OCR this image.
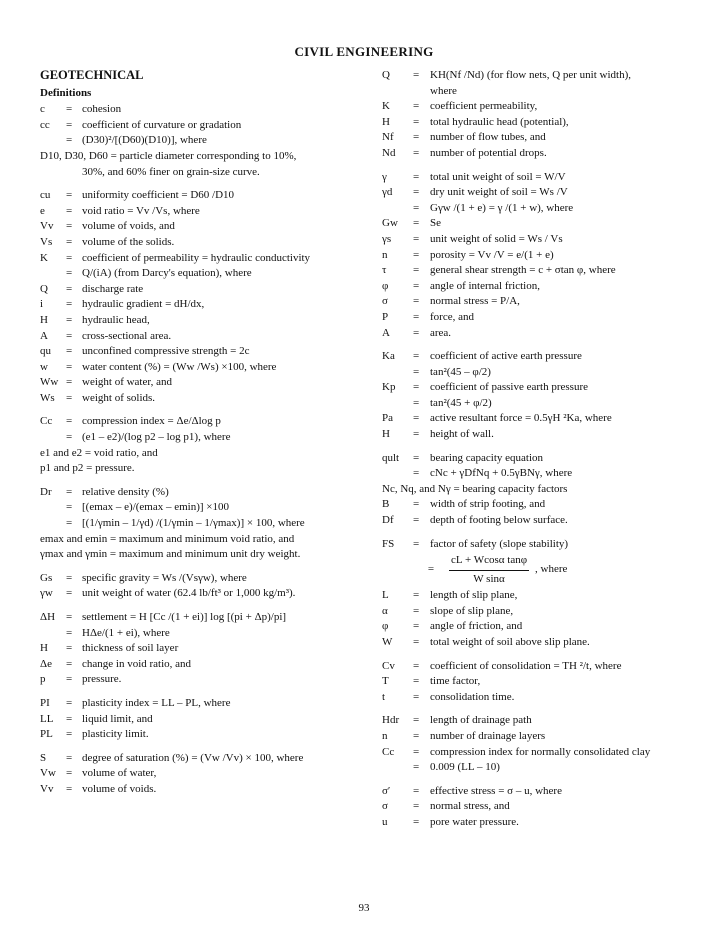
CIVIL ENGINEERING
GEOTECHNICAL
Definitions
c	= cohesion
cc	= coefficient of curvature or gradation
= (D30)²/[(D60)(D10)], where
D10, D30, D60 = particle diameter corresponding to 10%,
30%, and 60% finer on grain-size curve.
cu	= uniformity coefficient = D60 /D10
e	= void ratio = Vv /Vs, where
Vv	= volume of voids, and
Vs	= volume of the solids.
K	= coefficient of permeability = hydraulic conductivity
= Q/(iA) (from Darcy's equation), where
Q	= discharge rate
i	= hydraulic gradient = dH/dx,
H	= hydraulic head,
A	= cross-sectional area.
qu	= unconfined compressive strength = 2c
w	= water content (%) = (Ww /Ws) ×100, where
Ww = weight of water, and
Ws	= weight of solids.
Cc	= compression index = Δe/Δlog p
= (e1 – e2)/(log p2 – log p1), where
e1 and e2 = void ratio, and
p1 and p2 = pressure.
Dr	= relative density (%)
= [(emax – e)/(emax – emin)] ×100
= [(1/γmin – 1/γd) /(1/γmin – 1/γmax)] × 100, where
emax and emin = maximum and minimum void ratio, and
γmax and γmin = maximum and minimum unit dry weight.
Gs	= specific gravity = Ws /(Vsγw), where
γw	= unit weight of water (62.4 lb/ft³ or 1,000 kg/m³).
ΔH = settlement = H [Cc /(1 + ei)] log [(pi + Δp)/pi]
= HΔe/(1 + ei), where
H	= thickness of soil layer
Δe	= change in void ratio, and
p	= pressure.
PI	= plasticity index = LL – PL, where
LL	= liquid limit, and
PL	= plasticity limit.
S	= degree of saturation (%) = (Vw /Vv) × 100, where
Vw = volume of water,
Vv	= volume of voids.
Q	= KH(Nf /Nd) (for flow nets, Q per unit width),
where
K	= coefficient permeability,
H	= total hydraulic head (potential),
Nf	= number of flow tubes, and
Nd	= number of potential drops.
γ	= total unit weight of soil = W/V
γd	= dry unit weight of soil = Ws /V
= Gγw /(1 + e) = γ /(1 + w), where
Gw	= Se
γs	= unit weight of solid = Ws / Vs
n	= porosity = Vv /V = e/(1 + e)
τ	= general shear strength = c + σtan φ, where
φ	= angle of internal friction,
σ	= normal stress = P/A,
P	= force, and
A	= area.
Ka	= coefficient of active earth pressure
= tan²(45 – φ/2)
Kp	= coefficient of passive earth pressure
= tan²(45 + φ/2)
Pa	= active resultant force = 0.5γH ²Ka, where
H	= height of wall.
qult	= bearing capacity equation
= cNc + γDfNq + 0.5γBNγ, where
Nc, Nq, and Nγ = bearing capacity factors
B	= width of strip footing, and
Df	= depth of footing below surface.
FS	= factor of safety (slope stability)
=	$\frac{\text{cL + Wcosα tanφ}}{\text{W sinα}}$ , where
L	= length of slip plane,
α	= slope of slip plane,
φ	= angle of friction, and
W	= total weight of soil above slip plane.
Cv	= coefficient of consolidation = TH ²/t, where
T	= time factor,
t	= consolidation time.
Hdr	= length of drainage path
n	= number of drainage layers
Cc	= compression index for normally consolidated clay
= 0.009 (LL – 10)
σ′	= effective stress = σ – u, where
σ	= normal stress, and
u	= pore water pressure.
93
